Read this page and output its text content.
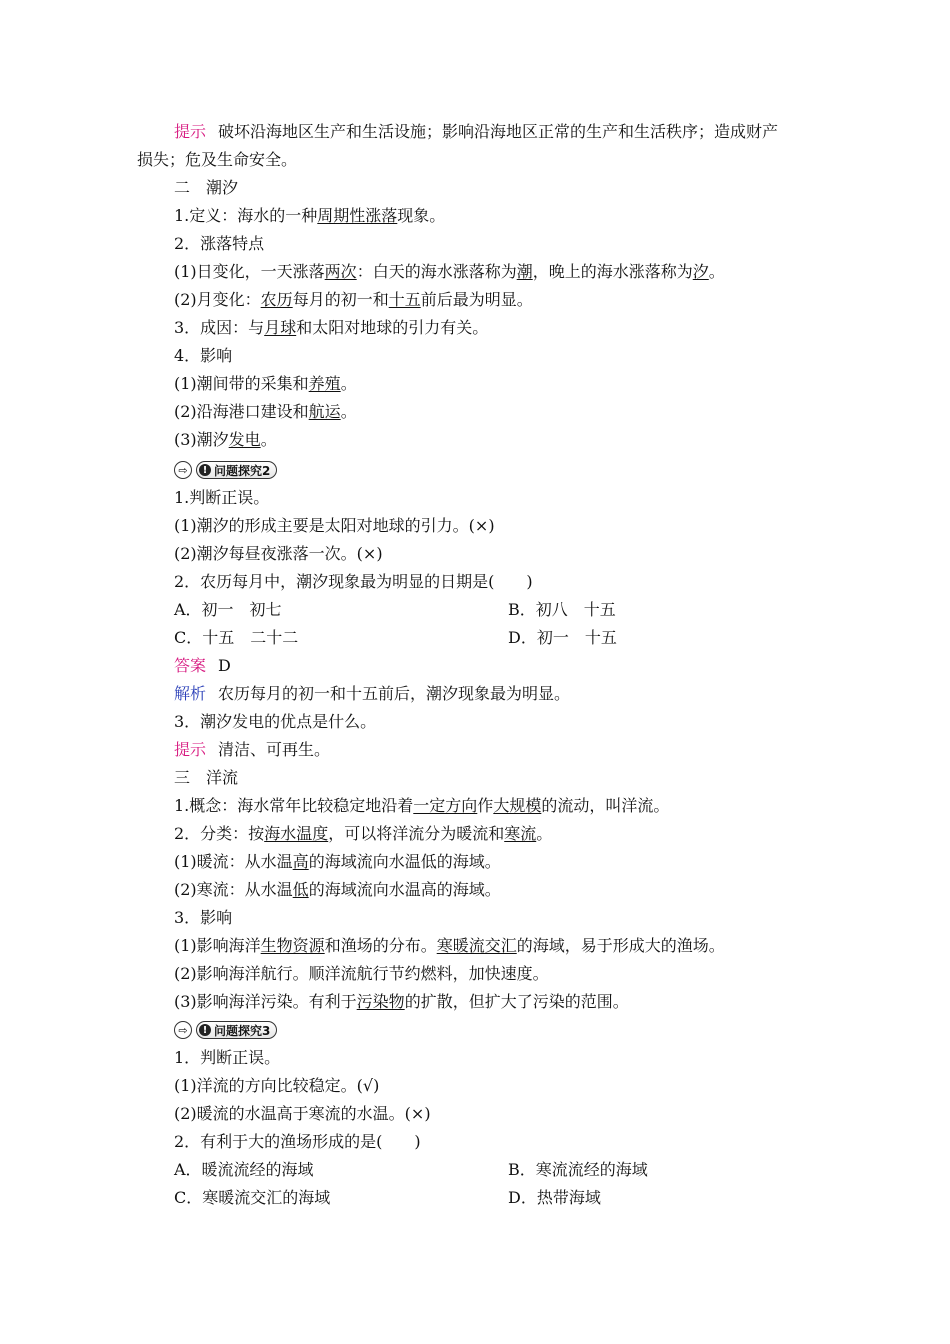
提示 破坏沿海地区生产和生活设施；影响沿海地区正常的生产和生活秩序；造成财产
损失；危及生命安全。
二　潮汐
1.定义：海水的一种周期性涨落现象。
2．涨落特点
(1)日变化，一天涨落两次：白天的海水涨落称为潮，晚上的海水涨落称为汐。
(2)月变化：农历每月的初一和十五前后最为明显。
3．成因：与月球和太阳对地球的引力有关。
4．影响
(1)潮间带的采集和养殖。
(2)沿海港口建设和航运。
(3)潮汐发电。
⇨	! 问题探究2
1.判断正误。
(1)潮汐的形成主要是太阳对地球的引力。(×)
(2)潮汐每昼夜涨落一次。(×)
2．农历每月中，潮汐现象最为明显的日期是(　　)
A．初一　初七	B．初八　十五
C．十五　二十二	D．初一　十五
答案 D
解析 农历每月的初一和十五前后，潮汐现象最为明显。
3．潮汐发电的优点是什么。
提示 清洁、可再生。
三　洋流
1.概念：海水常年比较稳定地沿着一定方向作大规模的流动，叫洋流。
2．分类：按海水温度，可以将洋流分为暖流和寒流。
(1)暖流：从水温高的海域流向水温低的海域。
(2)寒流：从水温低的海域流向水温高的海域。
3．影响
(1)影响海洋生物资源和渔场的分布。寒暖流交汇的海域，易于形成大的渔场。
(2)影响海洋航行。顺洋流航行节约燃料，加快速度。
(3)影响海洋污染。有利于污染物的扩散，但扩大了污染的范围。
⇨	! 问题探究3
1．判断正误。
(1)洋流的方向比较稳定。(√)
(2)暖流的水温高于寒流的水温。(×)
2．有利于大的渔场形成的是(　　)
A．暖流流经的海域	B．寒流流经的海域
C．寒暖流交汇的海域	D．热带海域
